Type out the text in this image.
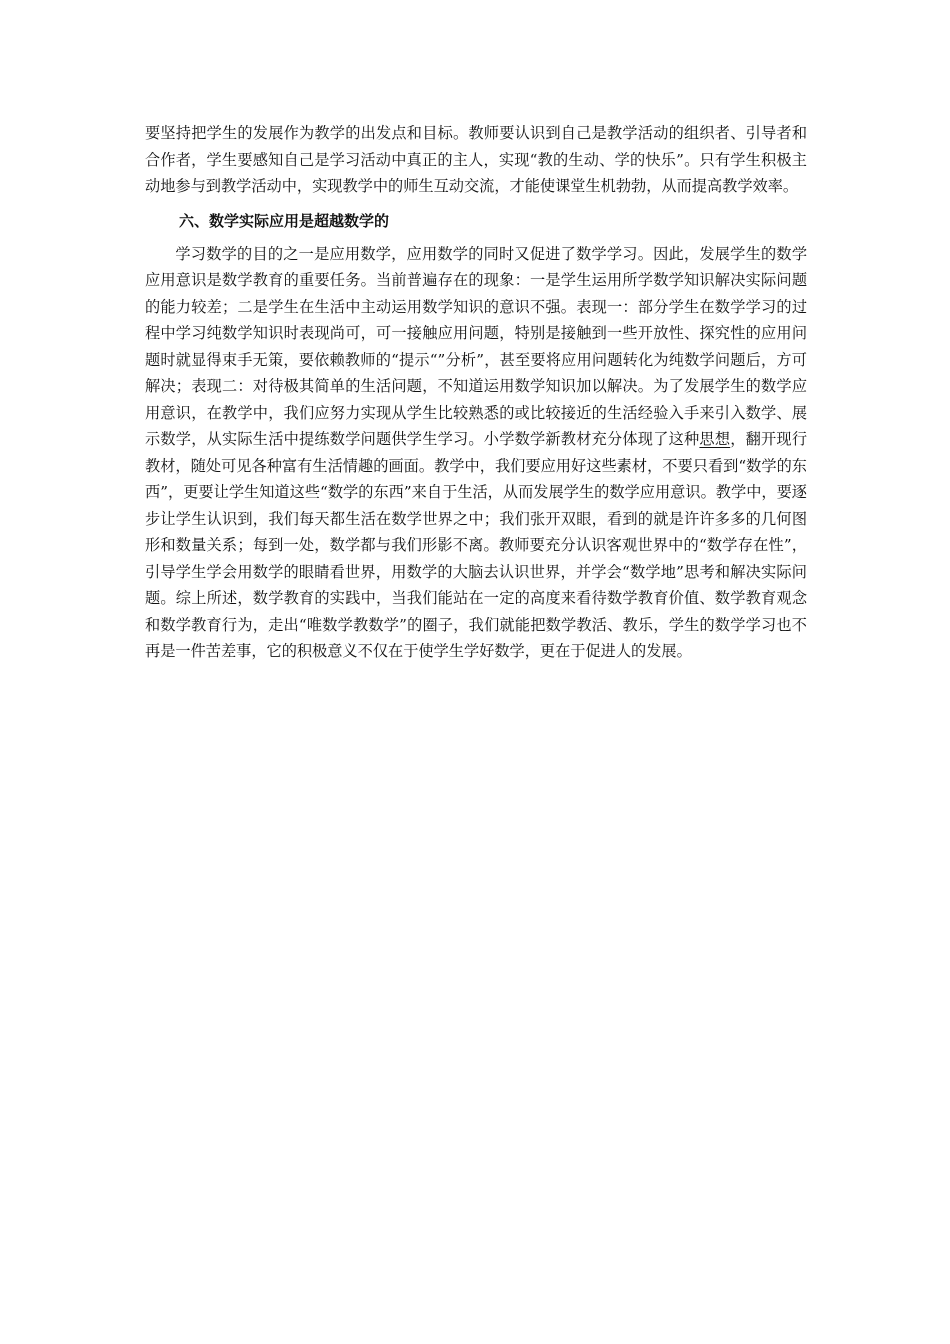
要坚持把学生的发展作为教学的出发点和目标。教师要认识到自己是教学活动的组织者、引导者和合作者，学生要感知自己是学习活动中真正的主人，实现“教的生动、学的快乐”。只有学生积极主动地参与到教学活动中，实现教学中的师生互动交流，才能使课堂生机勃勃，从而提高教学效率。

六、数学实际应用是超越数学的

学习数学的目的之一是应用数学，应用数学的同时又促进了数学学习。因此，发展学生的数学应用意识是数学教育的重要任务。当前普遍存在的现象：一是学生运用所学数学知识解决实际问题的能力较差；二是学生在生活中主动运用数学知识的意识不强。表现一：部分学生在数学学习的过程中学习纯数学知识时表现尚可，可一接触应用问题，特别是接触到一些开放性、探究性的应用问题时就显得束手无策，要依赖教师的“提示“”分析”，甚至要将应用问题转化为纯数学问题后，方可解决；表现二：对待极其简单的生活问题，不知道运用数学知识加以解决。为了发展学生的数学应用意识，在教学中，我们应努力实现从学生比较熟悉的或比较接近的生活经验入手来引入数学、展示数学，从实际生活中提练数学问题供学生学习。小学数学新教材充分体现了这种思想，翻开现行教材，随处可见各种富有生活情趣的画面。教学中，我们要应用好这些素材，不要只看到“数学的东西”，更要让学生知道这些“数学的东西”来自于生活，从而发展学生的数学应用意识。教学中，要逐步让学生认识到，我们每天都生活在数学世界之中；我们张开双眼，看到的就是许许多多的几何图形和数量关系；每到一处，数学都与我们形影不离。教师要充分认识客观世界中的“数学存在性”，引导学生学会用数学的眼睛看世界，用数学的大脑去认识世界，并学会“数学地”思考和解决实际问题。综上所述，数学教育的实践中，当我们能站在一定的高度来看待数学教育价值、数学教育观念和数学教育行为，走出“唯数学教数学”的圈子，我们就能把数学教活、教乐，学生的数学学习也不再是一件苦差事，它的积极意义不仅在于使学生学好数学，更在于促进人的发展。
